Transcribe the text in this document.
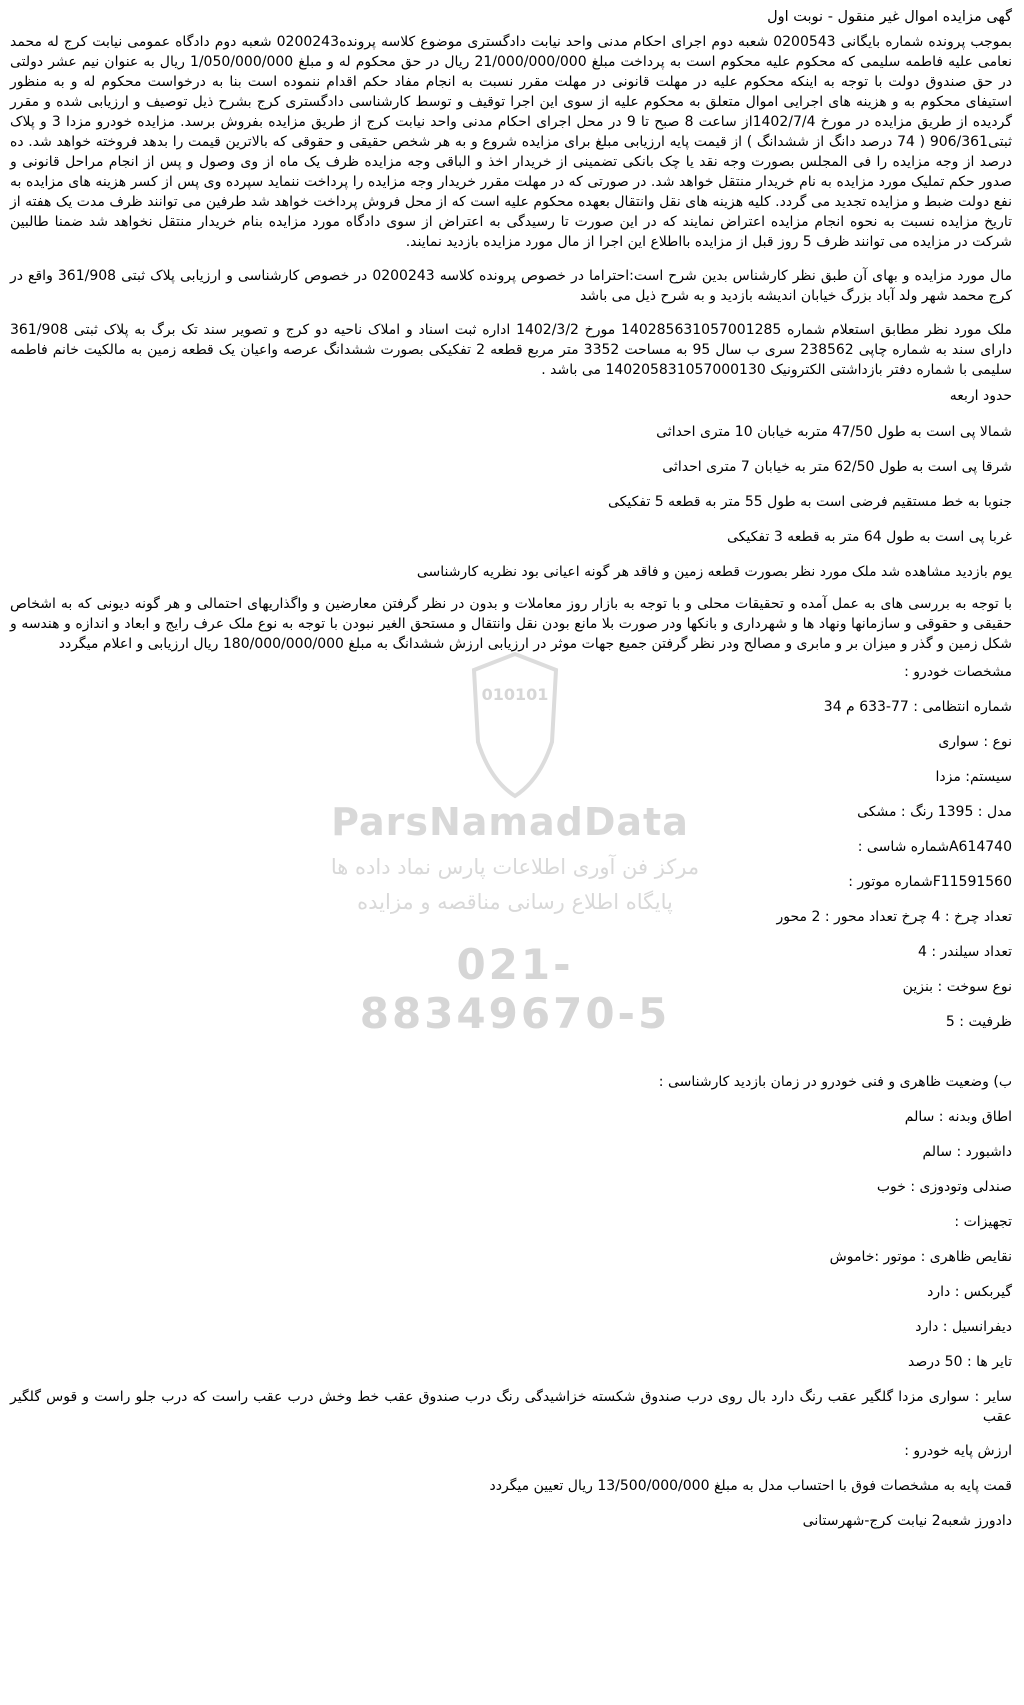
010101
ParsNamadData
مرکز فن آوری اطلاعات پارس نماد داده ها
پایگاه اطلاع رسانی مناقصه و مزایده
021-88349670-5
گهی مزایده اموال غیر منقول - نوبت اول

بموجب پرونده شماره بایگانی 0200543 شعبه دوم اجرای احکام مدنی واحد نیابت دادگستری موضوع کلاسه پرونده0200243 شعبه دوم دادگاه عمومی نیابت کرج له محمد نعامی علیه فاطمه سلیمی که محکوم علیه محکوم است به پرداخت مبلغ 21/000/000/000 ریال در حق محکوم له و مبلغ 1/050/000/000 ریال به عنوان نیم عشر دولتی در حق صندوق دولت با توجه به اینکه محکوم علیه در مهلت قانونی در مهلت مقرر نسبت به انجام مفاد حکم اقدام ننموده است بنا به درخواست محکوم له و به منظور استیفای محکوم به و هزینه های اجرایی اموال متعلق به محکوم علیه از سوی این اجرا توقیف و توسط کارشناسی دادگستری کرج بشرح ذیل توصیف و ارزیابی شده و مقرر گردیده از طریق مزایده در مورخ 1402/7/4از ساعت 8 صبح تا 9 در محل اجرای احکام مدنی واحد نیابت کرج از طریق مزایده بفروش برسد. مزایده خودرو مزدا 3 و پلاک ثبتی906/361 ( 74 درصد دانگ از ششدانگ ) از قیمت پایه ارزیابی مبلغ برای مزایده شروع و به هر شخص حقیقی و حقوقی که بالاترین قیمت را بدهد فروخته خواهد شد. ده درصد از وجه مزایده را فی المجلس بصورت وجه نقد یا چک بانکی تضمینی از خریدار اخذ و الباقی وجه مزایده ظرف یک ماه از وی وصول و پس از انجام مراحل قانونی و صدور حکم تملیک مورد مزایده به نام خریدار منتقل خواهد شد. در صورتی که در مهلت مقرر خریدار وجه مزایده را پرداخت ننماید سپرده وی پس از کسر هزینه های مزایده به نفع دولت ضبط و مزایده تجدید می گردد. کلیه هزینه های نقل وانتقال بعهده محکوم علیه است که از محل فروش پرداخت خواهد شد طرفین می توانند ظرف مدت یک هفته از تاریخ مزایده نسبت به نحوه انجام مزایده اعتراض نمایند که در این صورت تا رسیدگی به اعتراض از سوی دادگاه مورد مزایده بنام خریدار منتقل نخواهد شد ضمنا طالبین شرکت در مزایده می توانند ظرف 5 روز قبل از مزایده بااطلاع این اجرا از مال مورد مزایده بازدید نمایند.

مال مورد مزایده و بهای آن طبق نظر کارشناس بدین شرح است:احتراما در خصوص پرونده کلاسه 0200243 در خصوص کارشناسی و ارزیابی پلاک ثبتی 361/908 واقع در کرج محمد شهر ولد آباد بزرگ خیابان اندیشه بازدید و به شرح ذیل می باشد

ملک مورد نظر مطابق استعلام شماره 140285631057001285 مورخ 1402/3/2 اداره ثبت اسناد و املاک ناحیه دو کرج و تصویر سند تک برگ به پلاک ثبتی 361/908 دارای سند به شماره چاپی 238562 سری ب سال 95 به مساحت 3352 متر مربع قطعه 2 تفکیکی بصورت ششدانگ عرصه واعیان یک قطعه زمین به مالکیت خانم فاطمه سلیمی با شماره دفتر بازداشتی الکترونیک 140205831057000130 می باشد .

حدود اربعه

شمالا پی است به طول 47/50 متربه خیابان 10 متری احداثی

شرقا پی است به طول 62/50 متر به خیابان 7 متری احداثی

جنوبا به خط مستقیم فرضی است به طول 55 متر به قطعه 5 تفکیکی

غربا پی است به طول 64 متر به قطعه 3 تفکیکی

یوم بازدید مشاهده شد ملک مورد نظر بصورت قطعه زمین و فاقد هر گونه اعیانی بود نظریه کارشناسی

با توجه به بررسی های به عمل آمده و تحقیقات محلی و با توجه به بازار روز معاملات و بدون در نظر گرفتن معارضین و واگذاریهای احتمالی و هر گونه دیونی که به اشخاص حقیقی و حقوقی و سازمانها ونهاد ها و شهرداری و بانکها ودر صورت بلا مانع بودن نقل وانتقال و مستحق الغیر نبودن با توجه به نوع ملک عرف رایج و ابعاد و اندازه و هندسه و شکل زمین و گذر و میزان بر و مابری و مصالح ودر نظر گرفتن جمیع جهات موثر در ارزیابی ارزش ششدانگ به مبلغ 180/000/000/000 ریال ارزیابی و اعلام میگردد

مشخصات خودرو :

شماره انتظامی : 77-633 م 34

نوع : سواری

سیستم: مزدا

مدل : 1395 رنگ : مشکی

A614740شماره شاسی :

F11591560شماره موتور :

تعداد چرخ : 4 چرخ تعداد محور : 2 محور

تعداد سیلندر : 4

نوع سوخت : بنزین

ظرفیت : 5

ب) وضعیت ظاهری و فنی خودرو در زمان بازدید کارشناسی :

اطاق وبدنه : سالم

داشبورد : سالم

صندلی وتودوزی : خوب

تجهیزات :

نقایص ظاهری : موتور :خاموش

گیربکس : دارد

دیفرانسیل : دارد

تایر ها : 50 درصد

سایر : سواری مزدا گلگیر عقب رنگ دارد بال روی درب صندوق شکسته خزاشیدگی رنگ درب صندوق عقب خط وخش درب عقب راست که درب جلو راست و قوس گلگیر عقب

ارزش پایه خودرو :

قمت پایه به مشخصات فوق با احتساب مدل به مبلغ 13/500/000/000 ریال تعیین میگردد

دادورز شعبه2 نیابت کرج-شهرستانی
